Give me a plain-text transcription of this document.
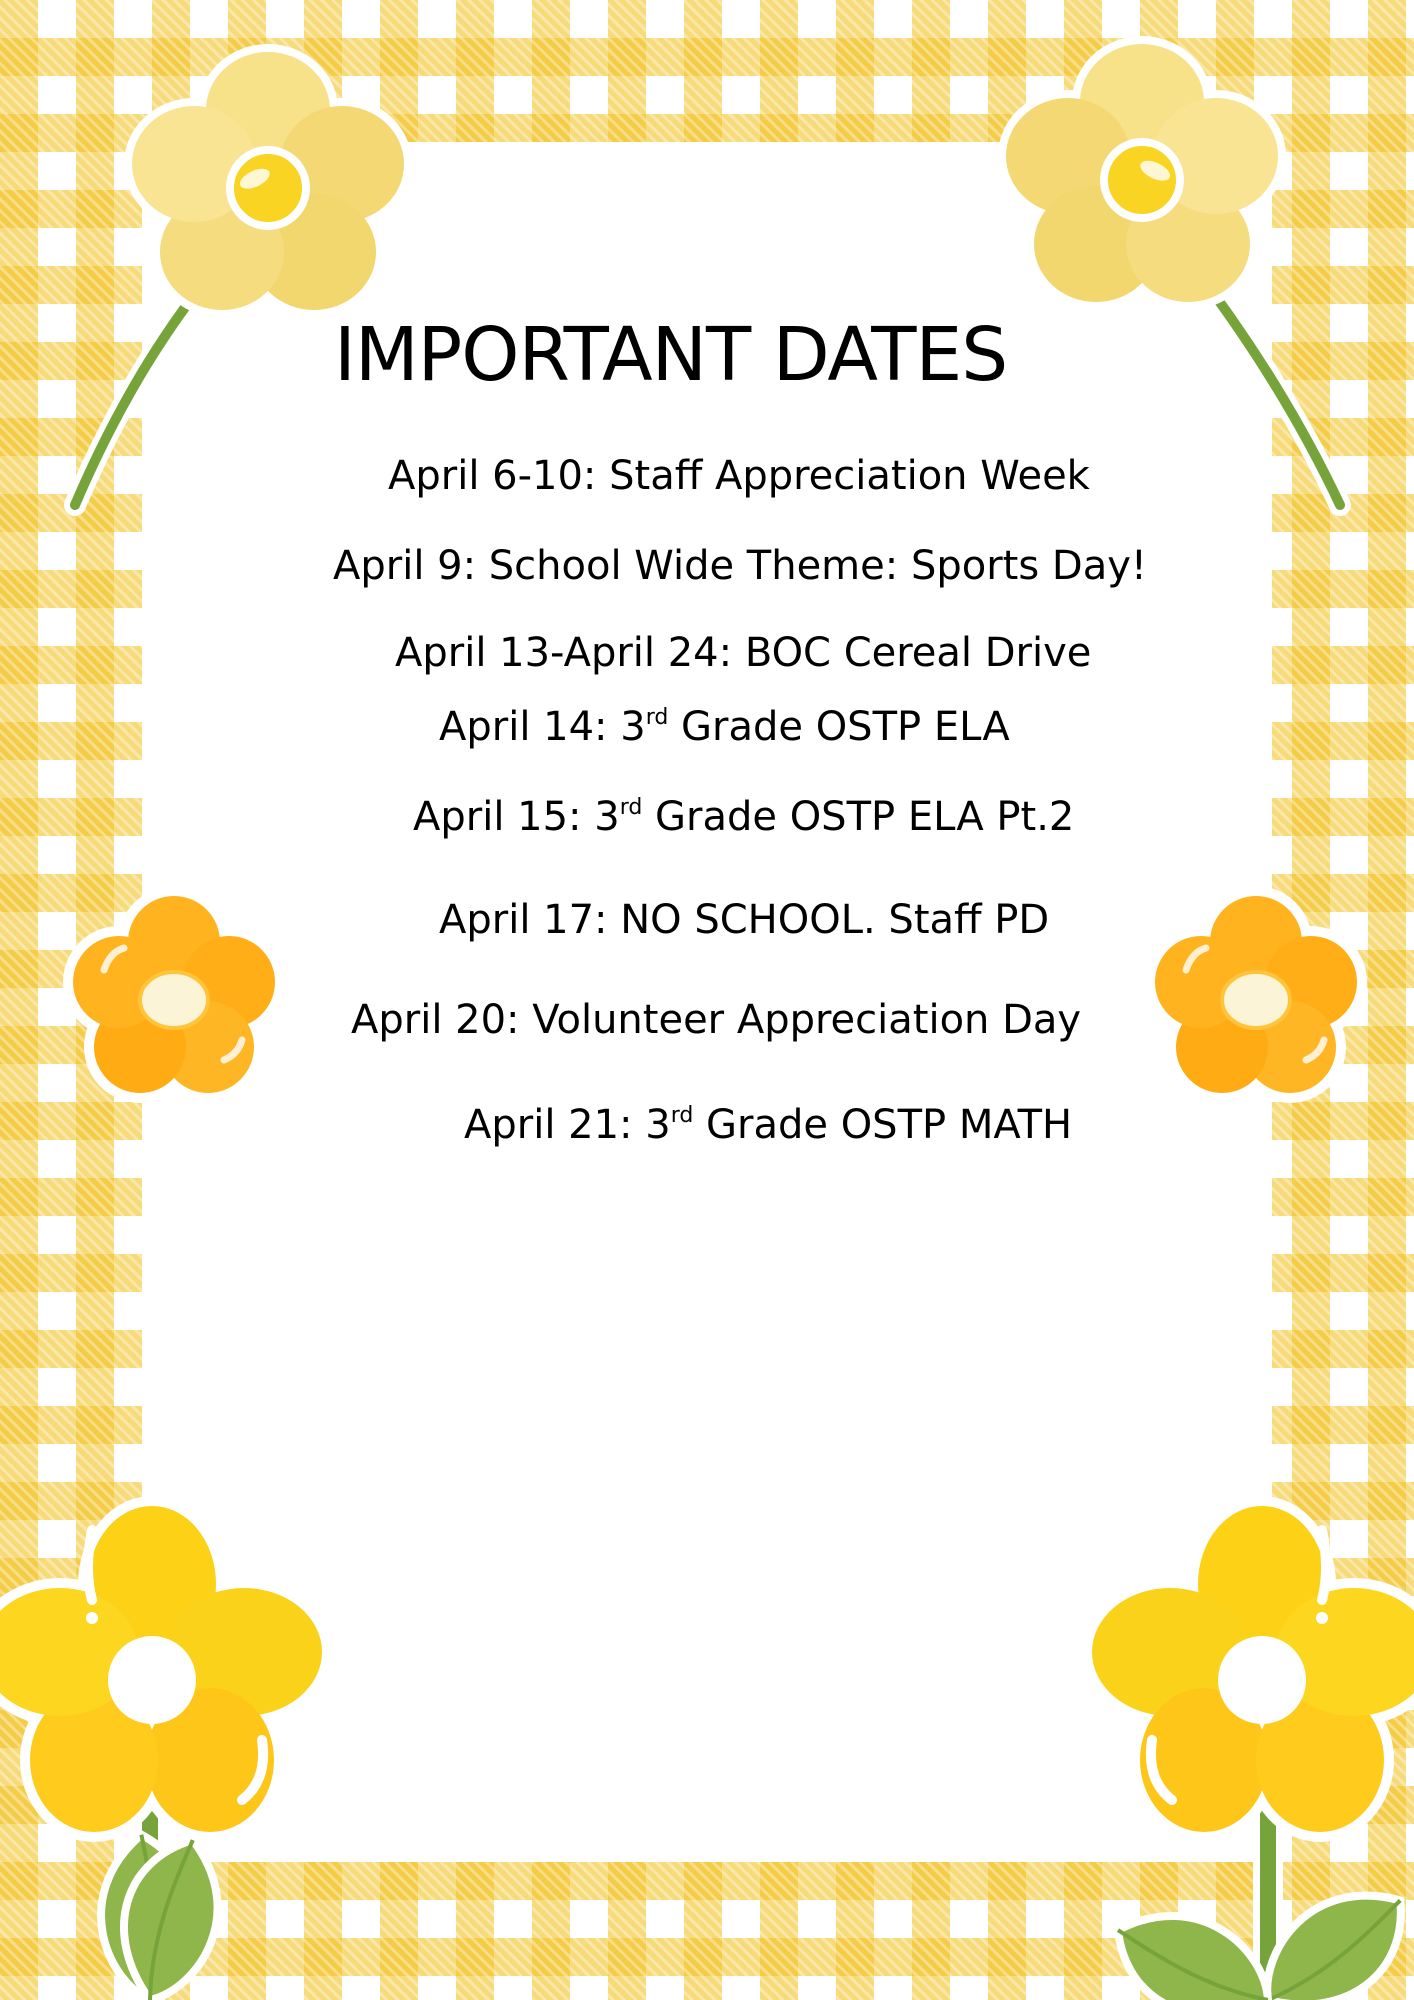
IMPORTANT DATES

April 6-10: Staff Appreciation Week

April 9: School Wide Theme: Sports Day!

April 13-April 24: BOC Cereal Drive

April 14: 3rd Grade OSTP ELA

April 15: 3rd Grade OSTP ELA Pt.2

April 17: NO SCHOOL. Staff PD

April 20: Volunteer Appreciation Day

April 21: 3rd Grade OSTP MATH
